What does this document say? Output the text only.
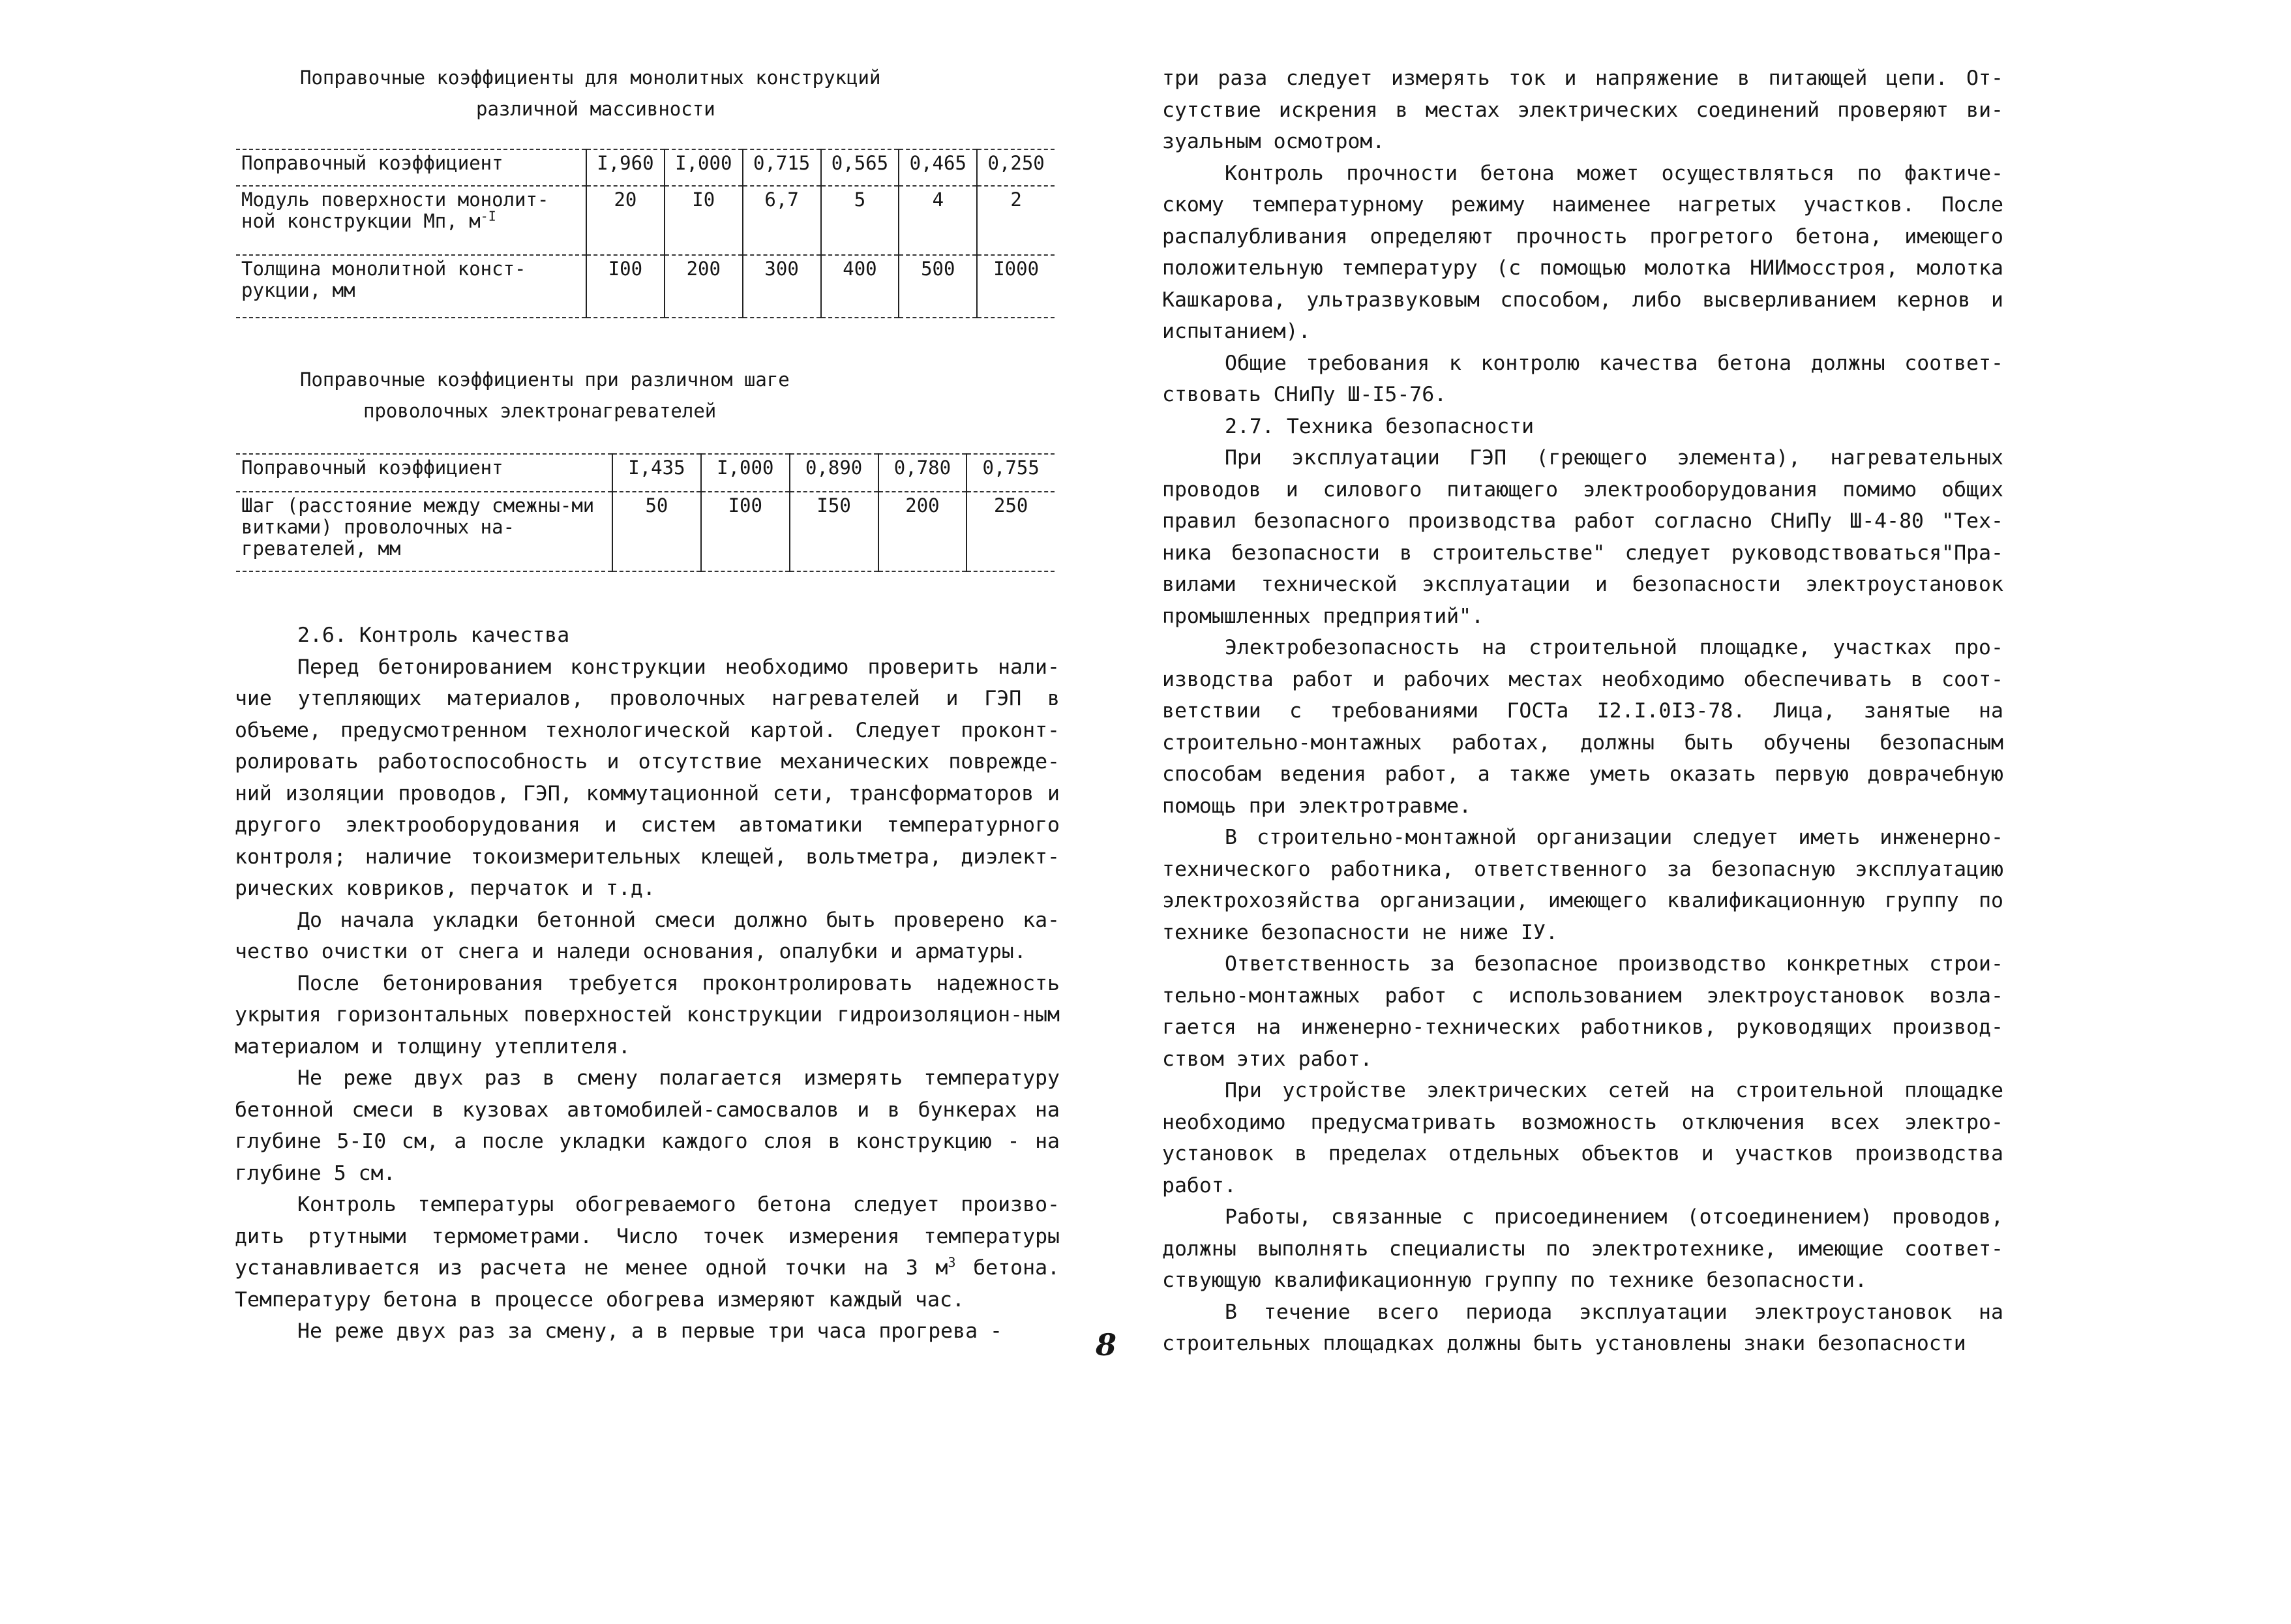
Поправочные коэффициенты для монолитных конструкций
различной массивности
Поправочный коэффициент	I,960	I,000	0,715	0,565	0,465	0,250
Модуль поверхности монолит-ной конструкции Мп, $м^{-I}$	20	I0	6,7	5	4	2
Толщина монолитной конст-рукции, мм	I00	200	300	400	500	I000
Поправочные коэффициенты при различном шаге
проволочных электронагревателей
Поправочный коэффициент	I,435	I,000	0,890	0,780	0,755
Шаг (расстояние между смежны-ми витками) проволочных на-гревателей, мм	50	I00	I50	200	250

2.6. Контроль качества

Перед бетонированием конструкции необходимо проверить нали-чие утепляющих материалов, проволочных нагревателей и ГЭП в объеме, предусмотренном технологической картой. Следует проконт-ролировать работоспособность и отсутствие механических поврежде-ний изоляции проводов, ГЭП, коммутационной сети, трансформаторов и другого электрооборудования и систем автоматики температурного контроля; наличие токоизмерительных клещей, вольтметра, диэлект-рических ковриков, перчаток и т.д.

До начала укладки бетонной смеси должно быть проверено ка-чество очистки от снега и наледи основания, опалубки и арматуры.

После бетонирования требуется проконтролировать надежность укрытия горизонтальных поверхностей конструкции гидроизоляцион-ным материалом и толщину утеплителя.

Не реже двух раз в смену полагается измерять температуру бетонной смеси в кузовах автомобилей-самосвалов и в бункерах на глубине 5-I0 см, а после укладки каждого слоя в конструкцию - на глубине 5 см.

Контроль температуры обогреваемого бетона следует произво-дить ртутными термометрами. Число точек измерения температуры устанавливается из расчета не менее одной точки на 3 $м^3$ бетона. Температуру бетона в процессе обогрева измеряют каждый час.

Не реже двух раз за смену, а в первые три часа прогрева -

три раза следует измерять ток и напряжение в питающей цепи. От-сутствие искрения в местах электрических соединений проверяют ви-зуальным осмотром.

Контроль прочности бетона может осуществляться по фактиче-скому температурному режиму наименее нагретых участков. После распалубливания определяют прочность прогретого бетона, имеющего положительную температуру (с помощью молотка НИИмосстроя, молотка Кашкарова, ультразвуковым способом, либо высверливанием кернов и испытанием).

Общие требования к контролю качества бетона должны соответ-ствовать СНиПу Ш-I5-76.

2.7. Техника безопасности

При эксплуатации ГЭП (греющего элемента), нагревательных проводов и силового питающего электрооборудования помимо общих правил безопасного производства работ согласно СНиПу Ш-4-80 "Тех-ника безопасности в строительстве" следует руководствоваться"Пра-вилами технической эксплуатации и безопасности электроустановок промышленных предприятий".

Электробезопасность на строительной площадке, участках про-изводства работ и рабочих местах необходимо обеспечивать в соот-ветствии с требованиями ГОСТа I2.I.0I3-78. Лица, занятые на строительно-монтажных работах, должны быть обучены безопасным способам ведения работ, а также уметь оказать первую доврачебную помощь при электротравме.

В строительно-монтажной организации следует иметь инженерно-технического работника, ответственного за безопасную эксплуатацию электрохозяйства организации, имеющего квалификационную группу по технике безопасности не ниже IУ.

Ответственность за безопасное производство конкретных строи-тельно-монтажных работ с использованием электроустановок возла-гается на инженерно-технических работников, руководящих производ-ством этих работ.

При устройстве электрических сетей на строительной площадке необходимо предусматривать возможность отключения всех электро-установок в пределах отдельных объектов и участков производства работ.

Работы, связанные с присоединением (отсоединением) проводов, должны выполнять специалисты по электротехнике, имеющие соответ-ствующую квалификационную группу по технике безопасности.

В течение всего периода эксплуатации электроустановок на строительных площадках должны быть установлены знаки безопасности

8
